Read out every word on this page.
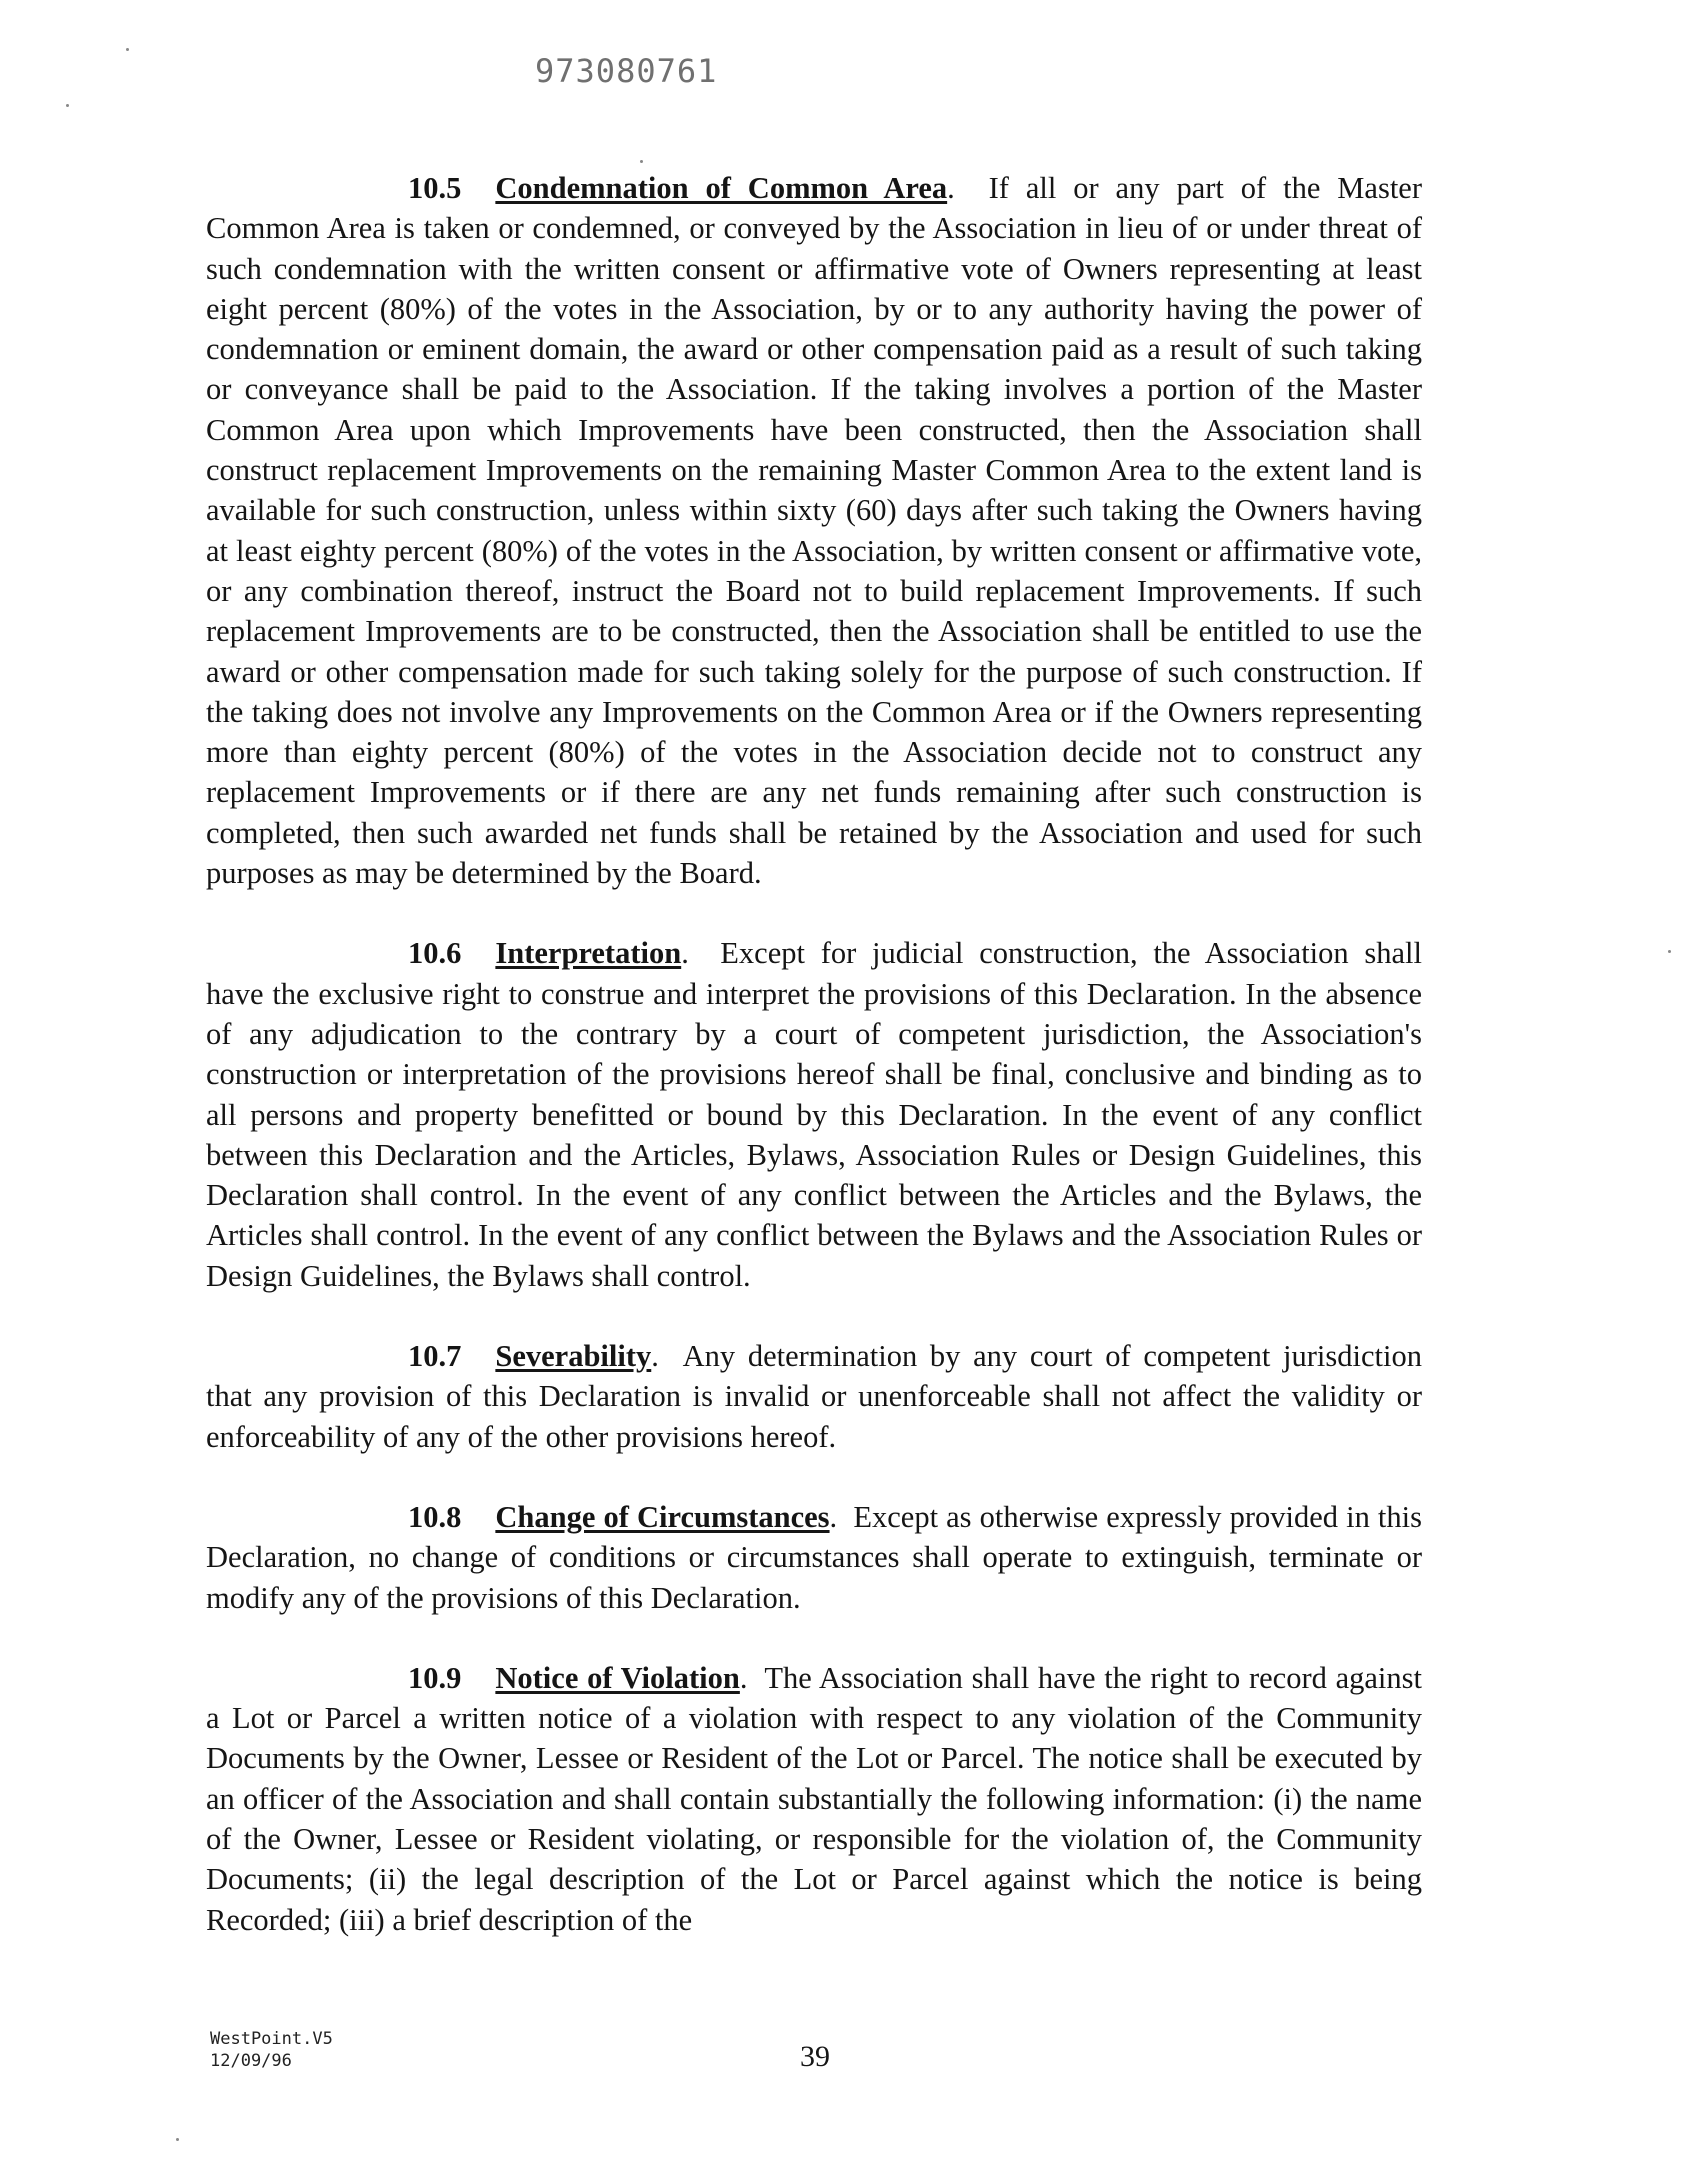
973080761

10.5 Condemnation of Common Area.  If all or any part of the Master Common Area is taken or condemned, or conveyed by the Association in lieu of or under threat of such condemnation with the written consent or affirmative vote of Owners representing at least eight percent (80%) of the votes in the Association, by or to any authority having the power of condemnation or eminent domain, the award or other compensation paid as a result of such taking or conveyance shall be paid to the Association. If the taking involves a portion of the Master Common Area upon which Improvements have been constructed, then the Association shall construct replacement Improvements on the remaining Master Common Area to the extent land is available for such construction, unless within sixty (60) days after such taking the Owners having at least eighty percent (80%) of the votes in the Association, by written consent or affirmative vote, or any combination thereof, instruct the Board not to build replacement Improvements. If such replacement Improvements are to be constructed, then the Association shall be entitled to use the award or other compensation made for such taking solely for the purpose of such construction. If the taking does not involve any Improvements on the Common Area or if the Owners representing more than eighty percent (80%) of the votes in the Association decide not to construct any replacement Improvements or if there are any net funds remaining after such construction is completed, then such awarded net funds shall be retained by the Association and used for such purposes as may be determined by the Board.

10.6 Interpretation.  Except for judicial construction, the Association shall have the exclusive right to construe and interpret the provisions of this Declaration. In the absence of any adjudication to the contrary by a court of competent jurisdiction, the Association's construction or interpretation of the provisions hereof shall be final, conclusive and binding as to all persons and property benefitted or bound by this Declaration. In the event of any conflict between this Declaration and the Articles, Bylaws, Association Rules or Design Guidelines, this Declaration shall control. In the event of any conflict between the Articles and the Bylaws, the Articles shall control. In the event of any conflict between the Bylaws and the Association Rules or Design Guidelines, the Bylaws shall control.

10.7 Severability.  Any determination by any court of competent jurisdiction that any provision of this Declaration is invalid or unenforceable shall not affect the validity or enforceability of any of the other provisions hereof.

10.8 Change of Circumstances.  Except as otherwise expressly provided in this Declaration, no change of conditions or circumstances shall operate to extinguish, terminate or modify any of the provisions of this Declaration.

10.9 Notice of Violation.  The Association shall have the right to record against a Lot or Parcel a written notice of a violation with respect to any violation of the Community Documents by the Owner, Lessee or Resident of the Lot or Parcel. The notice shall be executed by an officer of the Association and shall contain substantially the following information: (i) the name of the Owner, Lessee or Resident violating, or responsible for the violation of, the Community Documents; (ii) the legal description of the Lot or Parcel against which the notice is being Recorded; (iii) a brief description of the

WestPoint.V5
12/09/96	39
